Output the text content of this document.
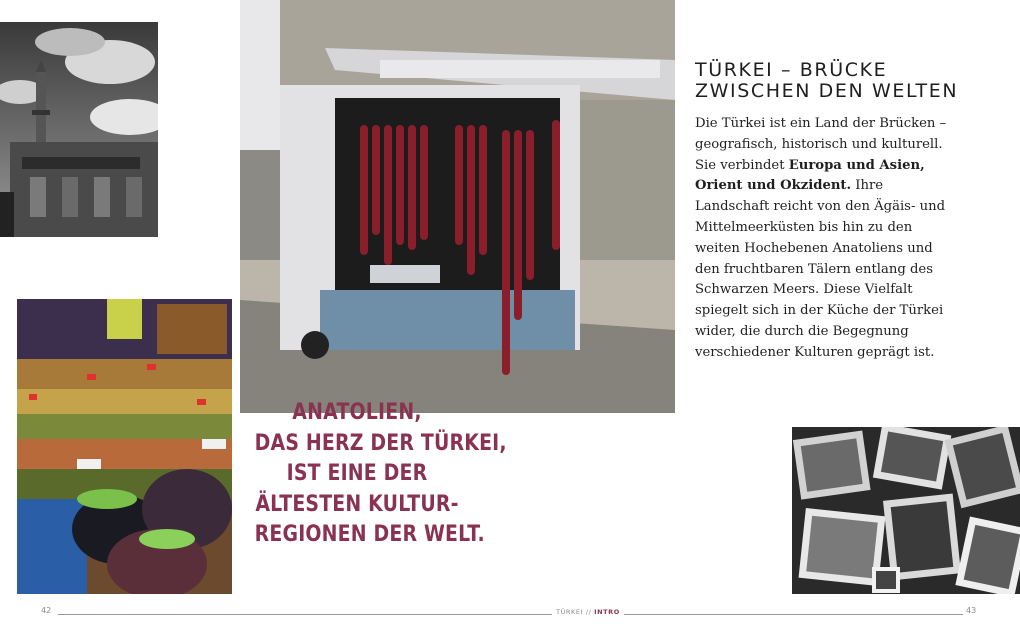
TÜRKEI – BRÜCKE
ZWISCHEN DEN WELTEN

Die Türkei ist ein Land der Brücken – geografisch, historisch und kulturell. Sie verbindet Europa und Asien, Orient und Okzident. Ihre Landschaft reicht von den Ägäis- und Mittelmeerküsten bis hin zu den weiten Hochebenen Anatoliens und den fruchtbaren Tälern entlang des Schwarzen Meers. Diese Vielfalt spiegelt sich in der Küche der Türkei wider, die durch die Begegnung verschiedener Kulturen geprägt ist.

ANATOLIEN,
DAS HERZ DER TÜRKEI,
IST EINE DER
ÄLTESTEN KULTUR-
REGIONEN DER WELT.
TÜRKEI // INTRO
42	43
